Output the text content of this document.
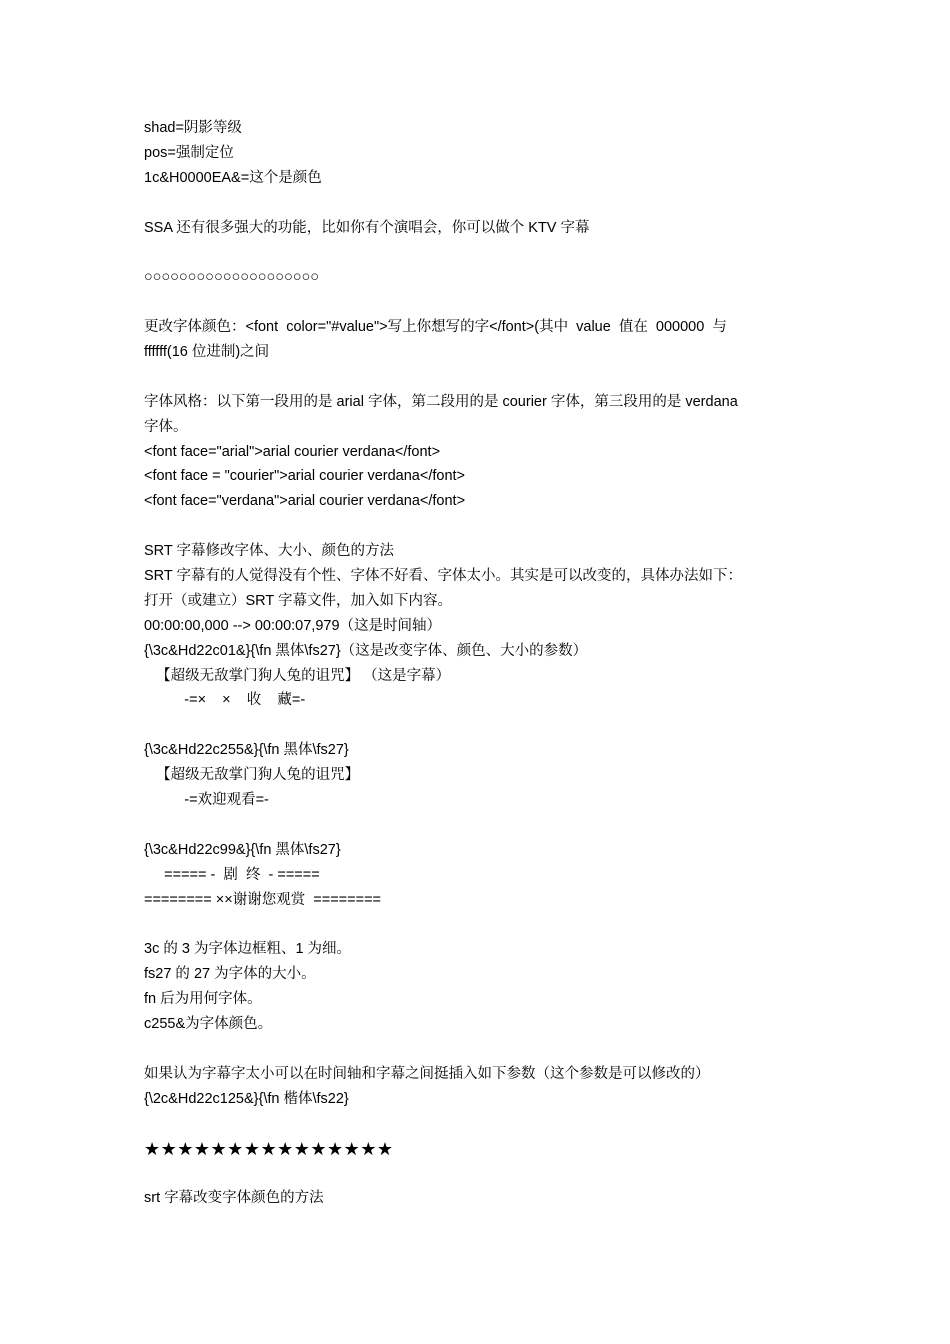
shad=阴影等级
pos=强制定位
1c&H0000EA&=这个是颜色
SSA 还有很多强大的功能，比如你有个演唱会，你可以做个 KTV 字幕
○○○○○○○○○○○○○○○○○○○○
更改字体颜色：<font  color="#value">写上你想写的字</font>(其中  value  值在  000000  与
ffffff(16 位进制)之间
字体风格：以下第一段用的是 arial 字体，第二段用的是 courier 字体，第三段用的是 verdana
字体。
<font face="arial">arial courier verdana</font>
<font face = "courier">arial courier verdana</font>
<font face="verdana">arial courier verdana</font>
SRT 字幕修改字体、大小、颜色的方法
SRT 字幕有的人觉得没有个性、字体不好看、字体太小。其实是可以改变的，具体办法如下：
打开（或建立）SRT 字幕文件，加入如下内容。
00:00:00,000 --> 00:00:07,979（这是时间轴）
{\3c&Hd22c01&}{\fn 黑体\fs27}（这是改变字体、颜色、大小的参数）
【超级无敌掌门狗人兔的诅咒】 （这是字幕）
-=×    ×    收    藏=-
{\3c&Hd22c255&}{\fn 黑体\fs27}
【超级无敌掌门狗人兔的诅咒】
-=欢迎观看=-
{\3c&Hd22c99&}{\fn 黑体\fs27}
===== -  剧  终  - =====
======== ××谢谢您观赏  ========
3c 的 3 为字体边框粗、1 为细。
fs27 的 27 为字体的大小。
fn 后为用何字体。
c255&为字体颜色。
如果认为字幕字太小可以在时间轴和字幕之间挺插入如下参数（这个参数是可以修改的）
{\2c&Hd22c125&}{\fn 楷体\fs22}
★★★★★★★★★★★★★★★
srt 字幕改变字体颜色的方法
